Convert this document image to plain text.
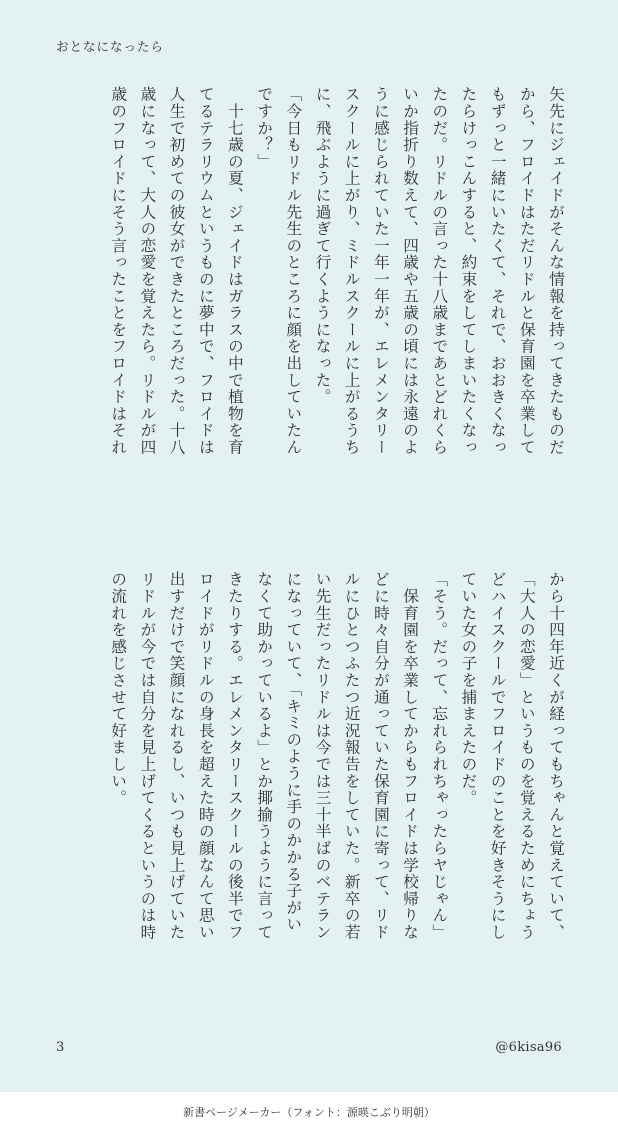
おとなになったら
矢先にジェイドがそんな情報を持ってきたものだ
から、フロイドはただリドルと保育園を卒業して
もずっと一緒にいたくて、それで、おおきくなっ
たらけっこんすると、約束をしてしまいたくなっ
たのだ。リドルの言った十八歳まであとどれくら
いか指折り数えて、四歳や五歳の頃には永遠のよ
うに感じられていた一年一年が、エレメンタリー
スクールに上がり、ミドルスクールに上がるうち
に、飛ぶように過ぎて行くようになった。
「今日もリドル先生のところに顔を出していたん
ですか？」
　十七歳の夏、ジェイドはガラスの中で植物を育
てるテラリウムというものに夢中で、フロイドは
人生で初めての彼女ができたところだった。十八
歳になって、大人の恋愛を覚えたら。リドルが四
歳のフロイドにそう言ったことをフロイドはそれ
から十四年近くが経ってもちゃんと覚えていて、
「大人の恋愛」というものを覚えるためにちょう
どハイスクールでフロイドのことを好きそうにし
ていた女の子を捕まえたのだ。
「そう。だって、忘れられちゃったらヤじゃん」
　保育園を卒業してからもフロイドは学校帰りな
どに時々自分が通っていた保育園に寄って、リド
ルにひとつふたつ近況報告をしていた。新卒の若
い先生だったリドルは今では三十半ばのベテラン
になっていて、「キミのように手のかかる子がい
なくて助かっているよ」とか揶揄うように言って
きたりする。エレメンタリースクールの後半でフ
ロイドがリドルの身長を超えた時の顔なんて思い
出すだけで笑顔になれるし、いつも見上げていた
リドルが今では自分を見上げてくるというのは時
の流れを感じさせて好ましい。
3	@6kisa96
新書ページメーカー（フォント：源暎こぶり明朝）
